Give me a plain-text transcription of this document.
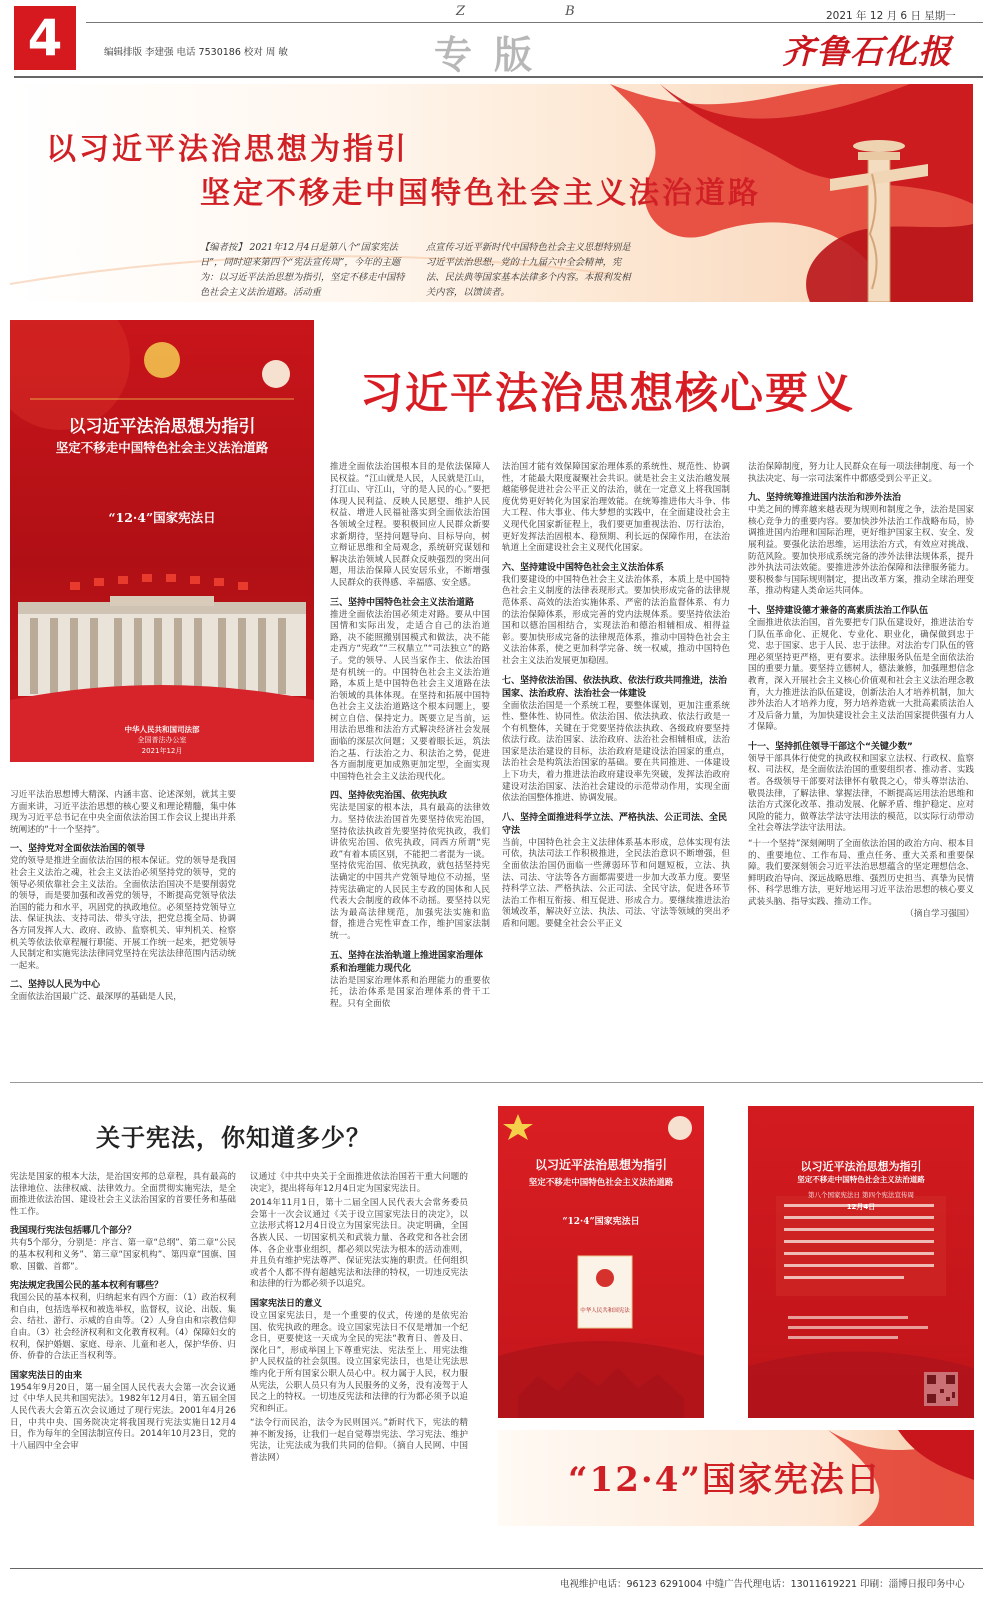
4	编辑排版 李建强 电话 7530186 校对 周 敏
Z B
专版
2021 年 12 月 6 日 星期一
齐鲁石化报
以习近平法治思想为指引
坚定不移走中国特色社会主义法治道路
【编者按】 2021年12月4日是第八个“国家宪法日”，同时迎来第四个“宪法宣传周”，今年的主题为：以习近平法治思想为指引，坚定不移走中国特色社会主义法治道路。活动重
点宣传习近平新时代中国特色社会主义思想特别是习近平法治思想，党的十九届六中全会精神，宪法、民法典等国家基本法律多个内容。本报利发相关内容，以馈读者。
以习近平法治思想为指引
坚定不移走中国特色社会主义法治道路
“12·4”国家宪法日
中华人民共和国司法部
全国普法办公室
2021年12月
习近平法治思想核心要义
习近平法治思想博大精深、内涵丰富、论述深刻，就其主要方面来讲，习近平法治思想的核心要义和理论精髓，集中体现为习近平总书记在中央全面依法治国工作会议上提出并系统阐述的“十一个坚持”。
一、坚持党对全面依法治国的领导
党的领导是推进全面依法治国的根本保证。党的领导是我国社会主义法治之魂，社会主义法治必须坚持党的领导，党的领导必须依靠社会主义法治。全面依法治国决不是要削弱党的领导，而是要加强和改善党的领导，不断提高党领导依法治国的能力和水平，巩固党的执政地位。必须坚持党领导立法、保证执法、支持司法、带头守法，把党总揽全局、协调各方同发挥人大、政府、政协、监察机关、审判机关、检察机关等依法依章程履行职能、开展工作统一起来，把党领导人民制定和实施宪法法律同党坚持在宪法法律范围内活动统一起来。
二、坚持以人民为中心
全面依法治国最广泛、最深厚的基础是人民，
推进全面依法治国根本目的是依法保障人民权益。“江山就是人民，人民就是江山，打江山、守江山，守的是人民的心。”要把体现人民利益、反映人民愿望、维护人民权益、增进人民福祉落实到全面依法治国各领域全过程。要积极回应人民群众新要求新期待，坚持问题导向、目标导向，树立辩证思维和全局观念，系统研究谋划和解决法治领域人民群众反映强烈的突出问题，用法治保障人民安居乐业，不断增强人民群众的获得感、幸福感、安全感。
三、坚持中国特色社会主义法治道路
推进全面依法治国必须走对路。要从中国国情和实际出发，走适合自己的法治道路，决不能照搬别国模式和做法，决不能走西方“宪政”“三权鼎立”“司法独立”的路子。党的领导、人民当家作主、依法治国是有机统一的。中国特色社会主义法治道路，本质上是中国特色社会主义道路在法治领域的具体体现。在坚持和拓展中国特色社会主义法治道路这个根本问题上，要树立自信、保持定力。既要立足当前，运用法治思维和法治方式解决经济社会发展面临的深层次问题；又要着眼长远，筑法治之基、行法治之力、积法治之势，促进各方面制度更加成熟更加定型，全面实现中国特色社会主义法治现代化。
四、坚持依宪治国、依宪执政
宪法是国家的根本法，具有最高的法律效力。坚持依法治国首先要坚持依宪治国，坚持依法执政首先要坚持依宪执政，我们讲依宪治国、依宪执政，同西方所谓“宪政”有着本质区别，不能把二者混为一谈。坚持依宪治国、依宪执政，就包括坚持宪法确定的中国共产党领导地位不动摇，坚持宪法确定的人民民主专政的国体和人民代表大会制度的政体不动摇。要坚持以宪法为最高法律规范，加强宪法实施和监督，推进合宪性审查工作，维护国家法制统一。
五、坚持在法治轨道上推进国家治理体系和治理能力现代化
法治是国家治理体系和治理能力的重要依托，法治体系是国家治理体系的骨干工程。只有全面依
法治国才能有效保障国家治理体系的系统性、规范性、协调性，才能最大限度凝聚社会共识。就是社会主义法治越发展越能够促进社会公平正义的法治，就在一定意义上将我国制度优势更好转化为国家治理效能。在统筹推进伟大斗争、伟大工程、伟大事业、伟大梦想的实践中，在全面建设社会主义现代化国家新征程上，我们要更加重视法治、厉行法治，更好发挥法治固根本、稳预期、利长远的保障作用，在法治轨道上全面建设社会主义现代化国家。
六、坚持建设中国特色社会主义法治体系
我们要建设的中国特色社会主义法治体系，本质上是中国特色社会主义制度的法律表现形式。要加快形成完备的法律规范体系、高效的法治实施体系、严密的法治监督体系、有力的法治保障体系，形成完善的党内法规体系。要坚持依法治国和以德治国相结合，实现法治和德治相辅相成、相得益彰。要加快形成完备的法律规范体系，推动中国特色社会主义法治体系，使之更加科学完备、统一权威，推动中国特色社会主义法治发展更加稳固。
七、坚持依法治国、依法执政、依法行政共同推进，法治国家、法治政府、法治社会一体建设
全面依法治国是一个系统工程，要整体谋划，更加注重系统性、整体性、协同性。依法治国、依法执政、依法行政是一个有机整体，关键在于党要坚持依法执政、各级政府要坚持依法行政。法治国家、法治政府、法治社会相辅相成，法治国家是法治建设的目标，法治政府是建设法治国家的重点，法治社会是构筑法治国家的基础。要在共同推进、一体建设上下功夫，着力推进法治政府建设率先突破，发挥法治政府建设对法治国家、法治社会建设的示范带动作用，实现全面依法治国整体推进、协调发展。
八、坚持全面推进科学立法、严格执法、公正司法、全民守法
当前，中国特色社会主义法律体系基本形成，总体实现有法可依，执法司法工作积极推进，全民法治意识不断增强，但全面依法治国仍面临一些薄弱环节和问题短板，立法、执法、司法、守法等各方面都需要进一步加大改革力度。要坚持科学立法、严格执法、公正司法、全民守法，促进各环节法治工作相互衔接、相互促进、形成合力。要继续推进法治领域改革，解决好立法、执法、司法、守法等领域的突出矛盾和问题。要健全社会公平正义
法治保障制度，努力让人民群众在每一项法律制度、每一个执法决定、每一宗司法案件中都感受到公平正义。
九、坚持统筹推进国内法治和涉外法治
中美之间的博弈越来越表现为规则和制度之争，法治是国家核心竞争力的重要内容。要加快涉外法治工作战略布局，协调推进国内治理和国际治理，更好维护国家主权、安全、发展利益。要强化法治思维，运用法治方式，有效应对挑战、防范风险。要加快形成系统完备的涉外法律法规体系，提升涉外执法司法效能。要推进涉外法治保障和法律服务能力。要积极参与国际规则制定，提出改革方案，推动全球治理变革，推动构建人类命运共同体。
十、坚持建设德才兼备的高素质法治工作队伍
全面推进依法治国，首先要把专门队伍建设好，推进法治专门队伍革命化、正规化、专业化、职业化，确保做到忠于党、忠于国家、忠于人民、忠于法律。对法治专门队伍的管理必须坚持更严格，更有要求。法律服务队伍是全面依法治国的重要力量。要坚持立德树人，德法兼修，加强理想信念教育，深入开展社会主义核心价值观和社会主义法治理念教育，大力推进法治队伍建设，创新法治人才培养机制，加大涉外法治人才培养力度，努力培养造就一大批高素质法治人才及后备力量，为加快建设社会主义法治国家提供强有力人才保障。
十一、坚持抓住领导干部这个“关键少数”
领导干部具体行使党的执政权和国家立法权、行政权、监察权、司法权，是全面依法治国的重要组织者、推动者、实践者。各级领导干部要对法律怀有敬畏之心，带头尊崇法治、敬畏法律，了解法律、掌握法律，不断提高运用法治思维和法治方式深化改革、推动发展、化解矛盾、维护稳定、应对风险的能力，做尊法学法守法用法的模范，以实际行动带动全社会尊法学法守法用法。
“十一个坚持”深刻阐明了全面依法治国的政治方向、根本目的、重要地位、工作布局、重点任务、重大关系和重要保障。我们要深刻领会习近平法治思想蕴含的坚定理想信念、鲜明政治导向、深远战略思维、强烈历史担当、真挚为民情怀、科学思维方法，更好地运用习近平法治思想的核心要义武装头脑、指导实践、推动工作。
（摘自学习强国）
关于宪法，你知道多少？
宪法是国家的根本大法，是治国安邦的总章程，具有最高的法律地位、法律权威、法律效力。全面贯彻实施宪法，是全面推进依法治国、建设社会主义法治国家的首要任务和基础性工作。
我国现行宪法包括哪几个部分？
共有5个部分，分别是：序言、第一章“总纲”、第二章“公民的基本权利和义务”、第三章“国家机构”、第四章“国旗、国歌、国徽、首都”。
宪法规定我国公民的基本权利有哪些？
我国公民的基本权利，归纳起来有四个方面：（1）政治权利和自由，包括选举权和被选举权，监督权，议论、出版、集会、结社、游行、示威的自由等。（2）人身自由和宗教信仰自由。（3）社会经济权利和文化教育权利。（4）保障妇女的权利，保护婚姻、家庭、母亲、儿童和老人，保护华侨、归侨、侨眷的合法正当权利等。
国家宪法日的由来
1954年9月20日，第一届全国人民代表大会第一次会议通过《中华人民共和国宪法》。1982年12月4日，第五届全国人民代表大会第五次会议通过了现行宪法。2001年4月26日，中共中央、国务院决定将我国现行宪法实施日12月4日，作为每年的全国法制宣传日。2014年10月23日，党的十八届四中全会审
议通过《中共中央关于全面推进依法治国若干重大问题的决定》，提出将每年12月4日定为国家宪法日。
2014年11月1日，第十二届全国人民代表大会常务委员会第十一次会议通过《关于设立国家宪法日的决定》，以立法形式将12月4日设立为国家宪法日。决定明确，全国各族人民、一切国家机关和武装力量、各政党和各社会团体、各企业事业组织，都必须以宪法为根本的活动准则，并且负有维护宪法尊严、保证宪法实施的职责。任何组织或者个人都不得有超越宪法和法律的特权，一切违反宪法和法律的行为都必须予以追究。
国家宪法日的意义
设立国家宪法日，是一个重要的仪式，传递的是依宪治国、依宪执政的理念。设立国家宪法日不仅是增加一个纪念日，更要使这一天成为全民的宪法“教育日、普及日、深化日”，形成举国上下尊重宪法、宪法至上、用宪法维护人民权益的社会氛围。设立国家宪法日，也是让宪法思维内化于所有国家公职人员心中。权力属于人民，权力服从宪法，公职人员只有为人民服务的义务，没有凌驾于人民之上的特权。一切违反宪法和法律的行为都必须予以追究和纠正。
“法令行而民治，法令为民则国兴。”新时代下，宪法的精神不断发扬，让我们一起自觉尊崇宪法、学习宪法、维护宪法，让宪法成为我们共同的信仰。（摘自人民网、中国普法网）
以习近平法治思想为指引
坚定不移走中国特色社会主义法治道路
“12·4”国家宪法日
中华人民共和国宪法
以习近平法治思想为指引
坚定不移走中国特色社会主义法治道路
第八个国家宪法日 第四个宪法宣传周
12月4日
“12·4”国家宪法日
电视维护电话：96123 6291004 中缝广告代理电话：13011619221 印刷：淄博日报印务中心
